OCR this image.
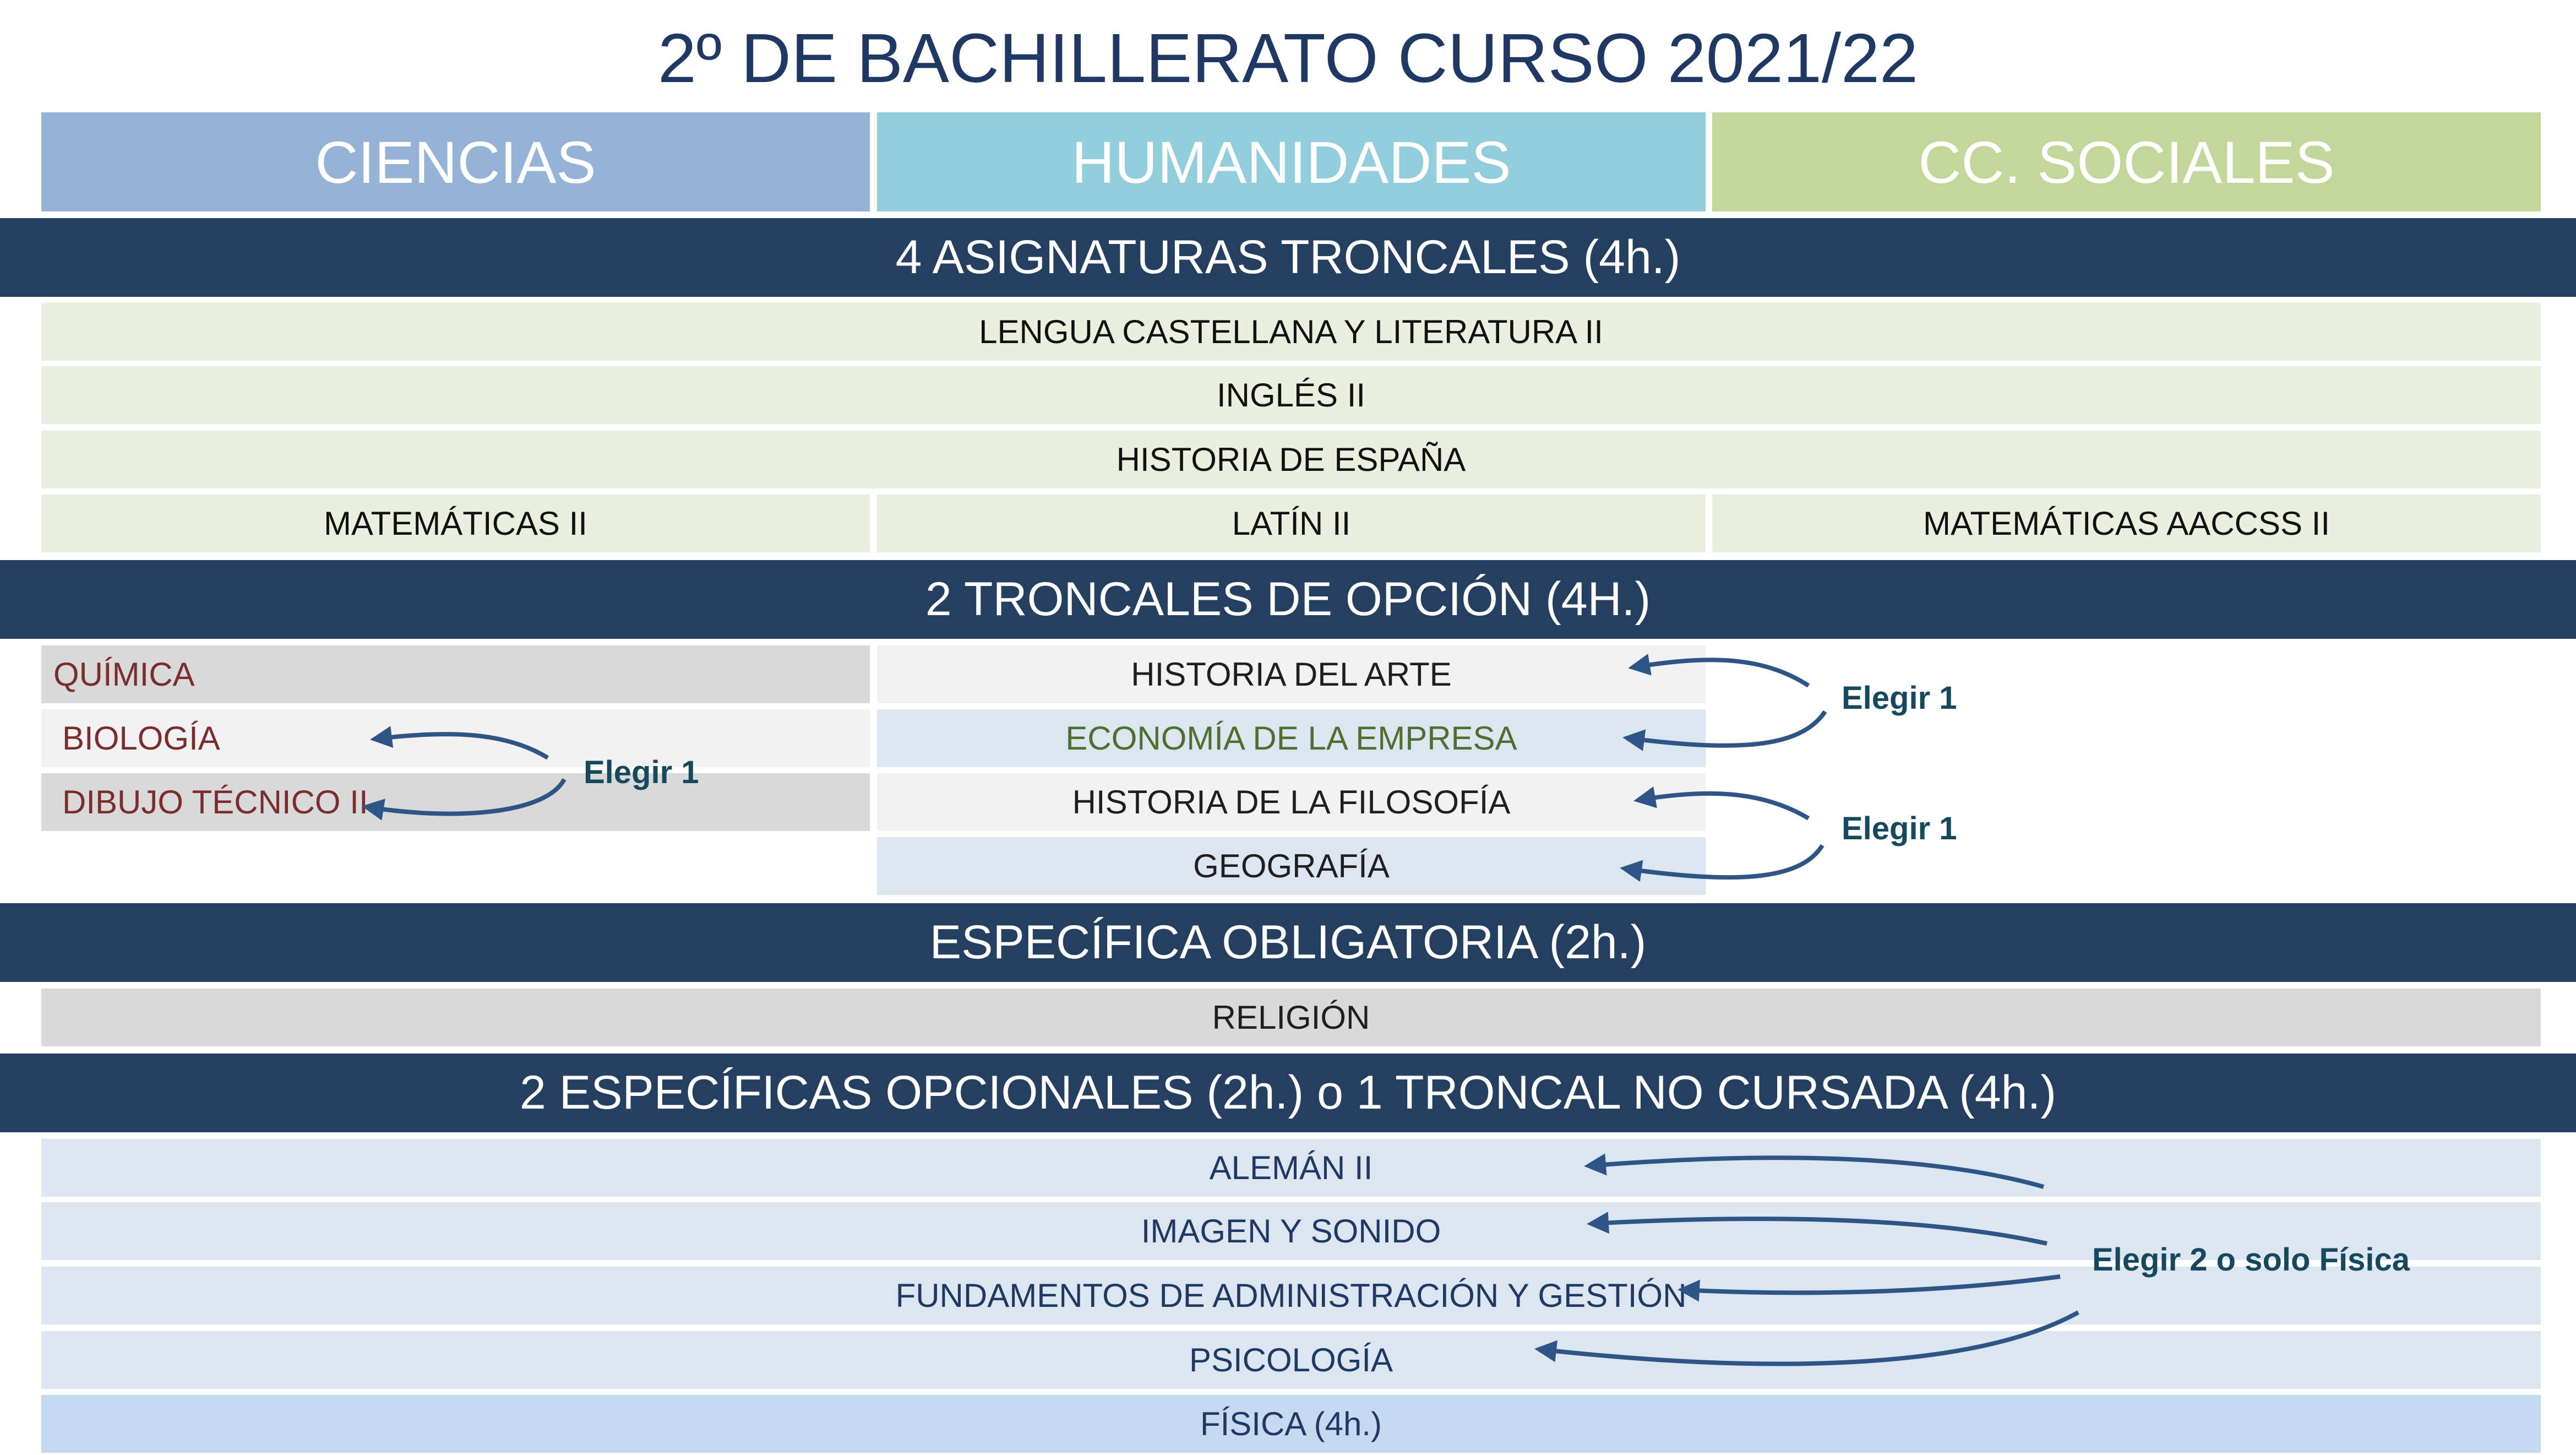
2º DE BACHILLERATO CURSO 2021/22
CIENCIAS	HUMANIDADES	CC. SOCIALES
4 ASIGNATURAS TRONCALES (4h.)
LENGUA CASTELLANA Y LITERATURA II
INGLÉS II
HISTORIA DE ESPAÑA
MATEMÁTICAS II	LATÍN II	MATEMÁTICAS AACCSS II
2 TRONCALES DE OPCIÓN (4H.)
QUÍMICA
BIOLOGÍA
DIBUJO TÉCNICO II
HISTORIA DEL ARTE
ECONOMÍA DE LA EMPRESA
HISTORIA DE LA FILOSOFÍA
GEOGRAFÍA
Elegir 1
Elegir 1
Elegir 1
ESPECÍFICA OBLIGATORIA (2h.)
RELIGIÓN
2 ESPECÍFICAS OPCIONALES (2h.) o 1 TRONCAL NO CURSADA (4h.)
ALEMÁN II
IMAGEN Y SONIDO
FUNDAMENTOS DE ADMINISTRACIÓN Y GESTIÓN
PSICOLOGÍA
FÍSICA (4h.)
Elegir 2 o solo Física
